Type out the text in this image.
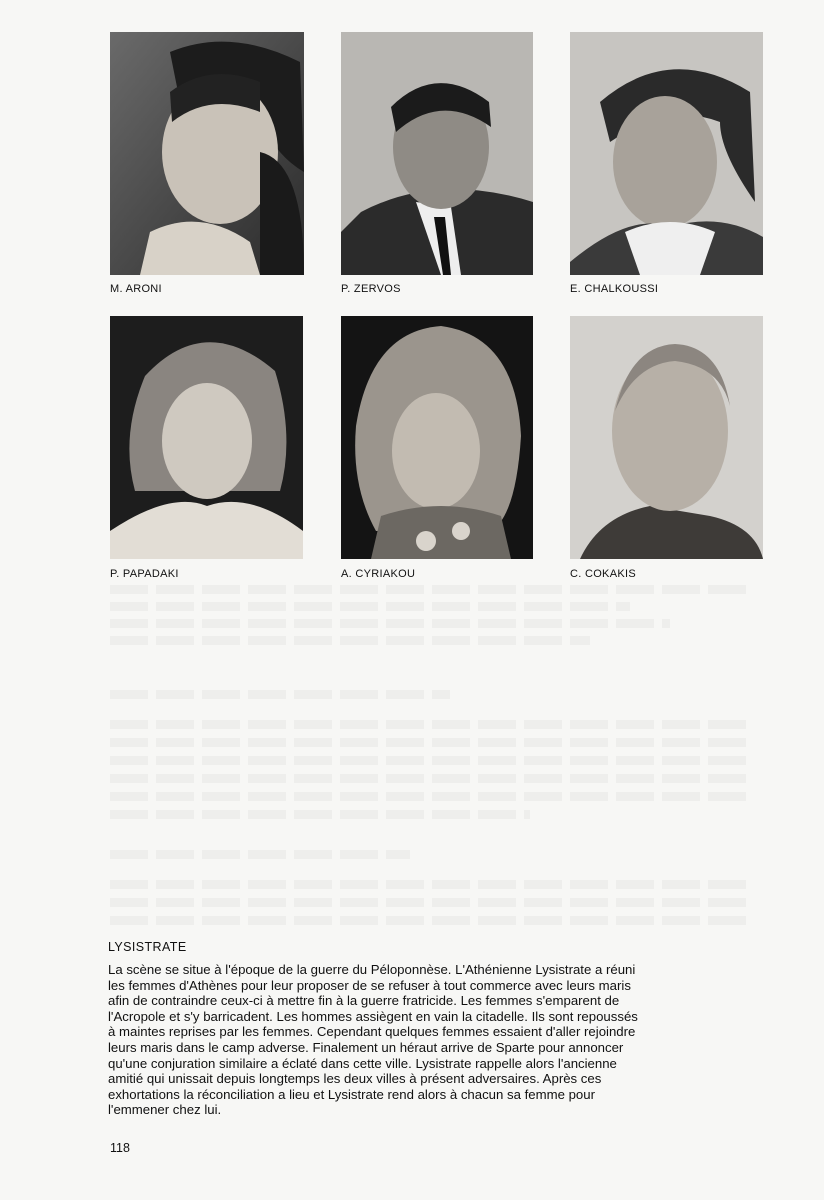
M. ARONI	P. ZERVOS	E. CHALKOUSSI
P. PAPADAKI	A. CYRIAKOU	C. COKAKIS
LYSISTRATE

La scène se situe à l'époque de la guerre du Péloponnèse. L'Athénienne Lysistrate a réuni

les femmes d'Athènes pour leur proposer de se refuser à tout commerce avec leurs maris

afin de contraindre ceux-ci à mettre fin à la guerre fratricide. Les femmes s'emparent de

l'Acropole et s'y barricadent. Les hommes assiègent en vain la citadelle. Ils sont repoussés

à maintes reprises par les femmes. Cependant quelques femmes essaient d'aller rejoindre

leurs maris dans le camp adverse. Finalement un héraut arrive de Sparte pour annoncer

qu'une conjuration similaire a éclaté dans cette ville. Lysistrate rappelle alors l'ancienne

amitié qui unissait depuis longtemps les deux villes à présent adversaires. Après ces

exhortations la réconciliation a lieu et Lysistrate rend alors à chacun sa femme pour

l'emmener chez lui.

118
